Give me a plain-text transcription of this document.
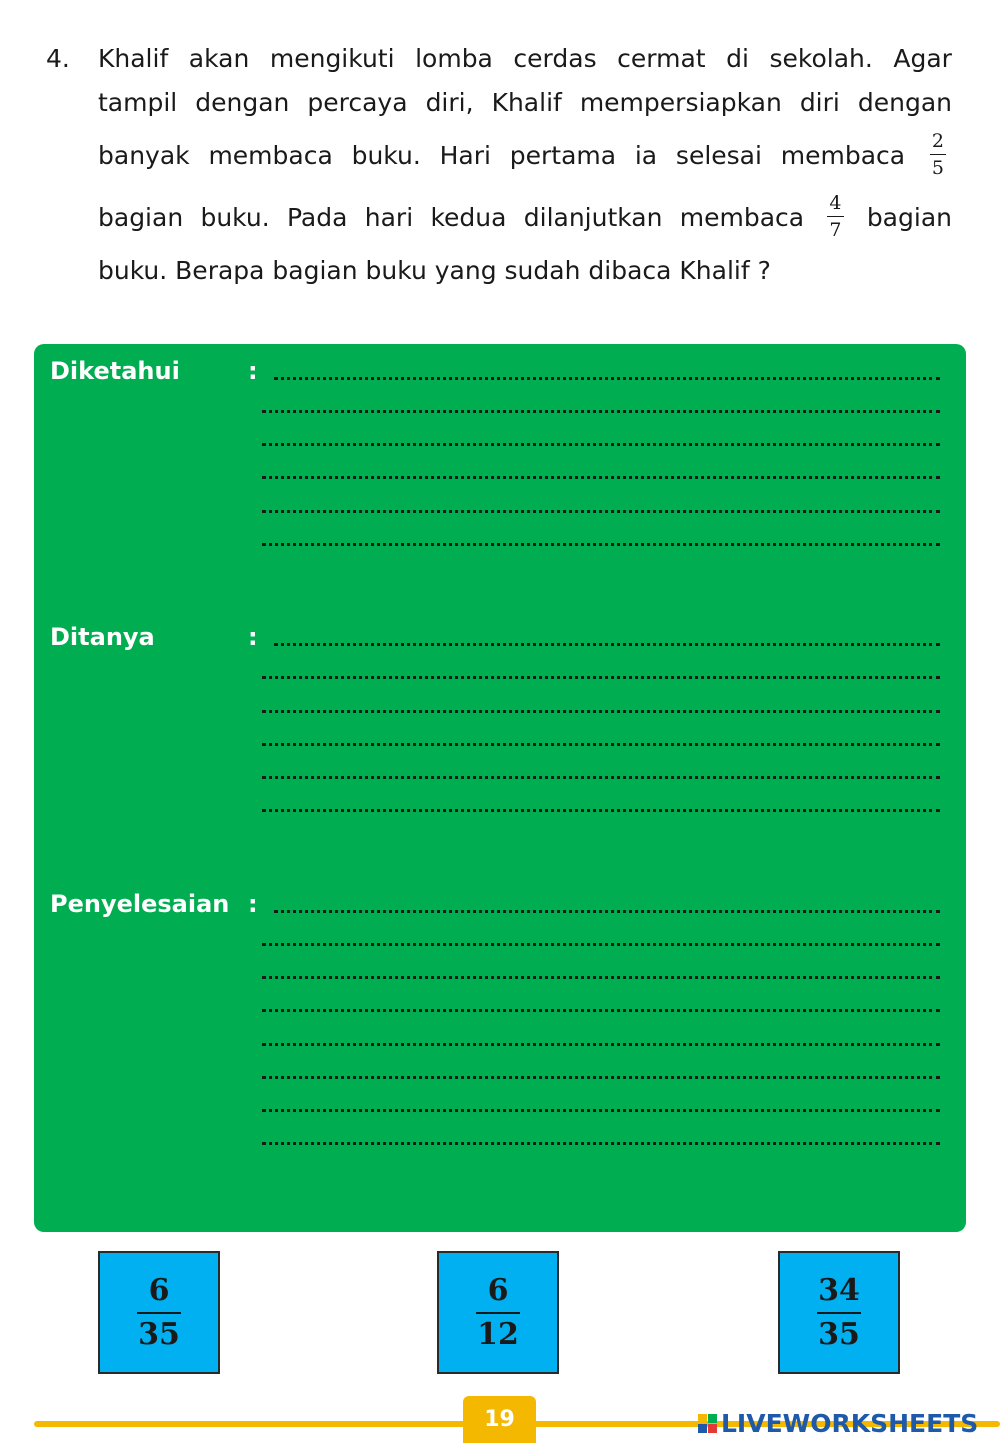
4. Khalif akan mengikuti lomba cerdas cermat di sekolah. Agar
tampil dengan percaya diri, Khalif mempersiapkan diri dengan
banyak membaca buku. Hari pertama ia selesai membaca $\frac{2}{5}$
bagian buku. Pada hari kedua dilanjutkan membaca $\frac{4}{7}$ bagian
buku. Berapa bagian buku yang sudah dibaca Khalif ?
Diketahui	:
Ditanya	:
Penyelesaian :
$\frac{6}{35}$	$\frac{6}{12}$	$\frac{34}{35}$
19	LIVEWORKSHEETS
